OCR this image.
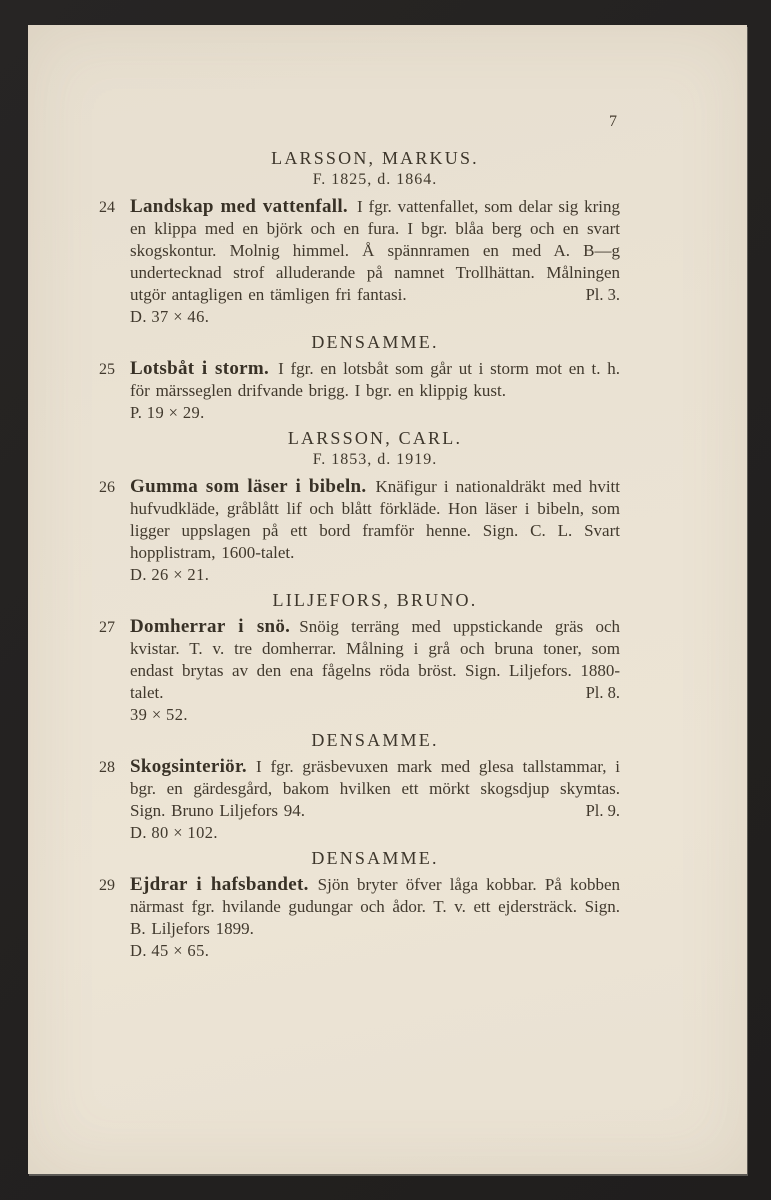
7
LARSSON, MARKUS.
F. 1825, d. 1864.
24 Landskap med vattenfall. I fgr. vattenfallet, som delar sig kring en klippa med en björk och en fura. I bgr. blåa berg och en svart skogskontur. Molnig himmel. Å spännramen en med A. B—g undertecknad strof alluderande på namnet Trollhättan. Målningen utgör antagligen en tämligen fri fantasi.	Pl. 3.
D. 37 × 46.
DENSAMME.
25 Lotsbåt i storm. I fgr. en lotsbåt som går ut i storm mot en t. h. för märsseglen drifvande brigg. I bgr. en klippig kust.

P. 19 × 29.
LARSSON, CARL.
F. 1853, d. 1919.
26 Gumma som läser i bibeln. Knäfigur i nationaldräkt med hvitt hufvudkläde, gråblått lif och blått förkläde. Hon läser i bibeln, som ligger uppslagen på ett bord framför henne. Sign. C. L. Svart hopplistram, 1600-talet.

D. 26 × 21.
LILJEFORS, BRUNO.
27 Domherrar i snö. Snöig terräng med uppstickande gräs och kvistar. T. v. tre domherrar. Målning i grå och bruna toner, som endast brytas av den ena fågelns röda bröst. Sign. Liljefors. 1880-talet.	Pl. 8.
39 × 52.
DENSAMME.
28 Skogsinteriör. I fgr. gräsbevuxen mark med glesa tallstammar, i bgr. en gärdesgård, bakom hvilken ett mörkt skogsdjup skymtas. Sign. Bruno Liljefors 94.	Pl. 9.
D. 80 × 102.
DENSAMME.
29 Ejdrar i hafsbandet. Sjön bryter öfver låga kobbar. På kobben närmast fgr. hvilande gudungar och ådor. T. v. ett ejdersträck. Sign. B. Liljefors 1899.

D. 45 × 65.
